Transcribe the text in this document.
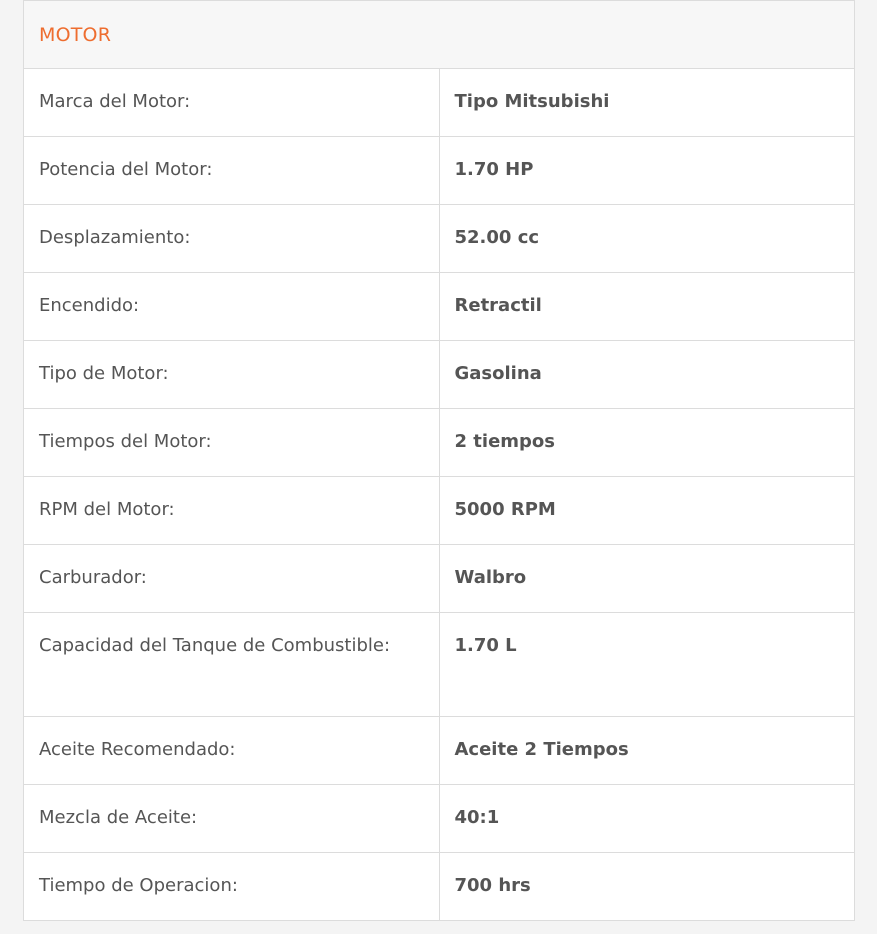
MOTOR	

Marca del Motor:	Tipo Mitsubishi

Potencia del Motor:	1.70 HP

Desplazamiento:	52.00 cc

Encendido:	Retractil

Tipo de Motor:	Gasolina

Tiempos del Motor:	2 tiempos

RPM del Motor:	5000 RPM

Carburador:	Walbro

Capacidad del Tanque de Combustible:	1.70 L

Aceite Recomendado:	Aceite 2 Tiempos

Mezcla de Aceite:	40:1

Tiempo de Operacion:	700 hrs
